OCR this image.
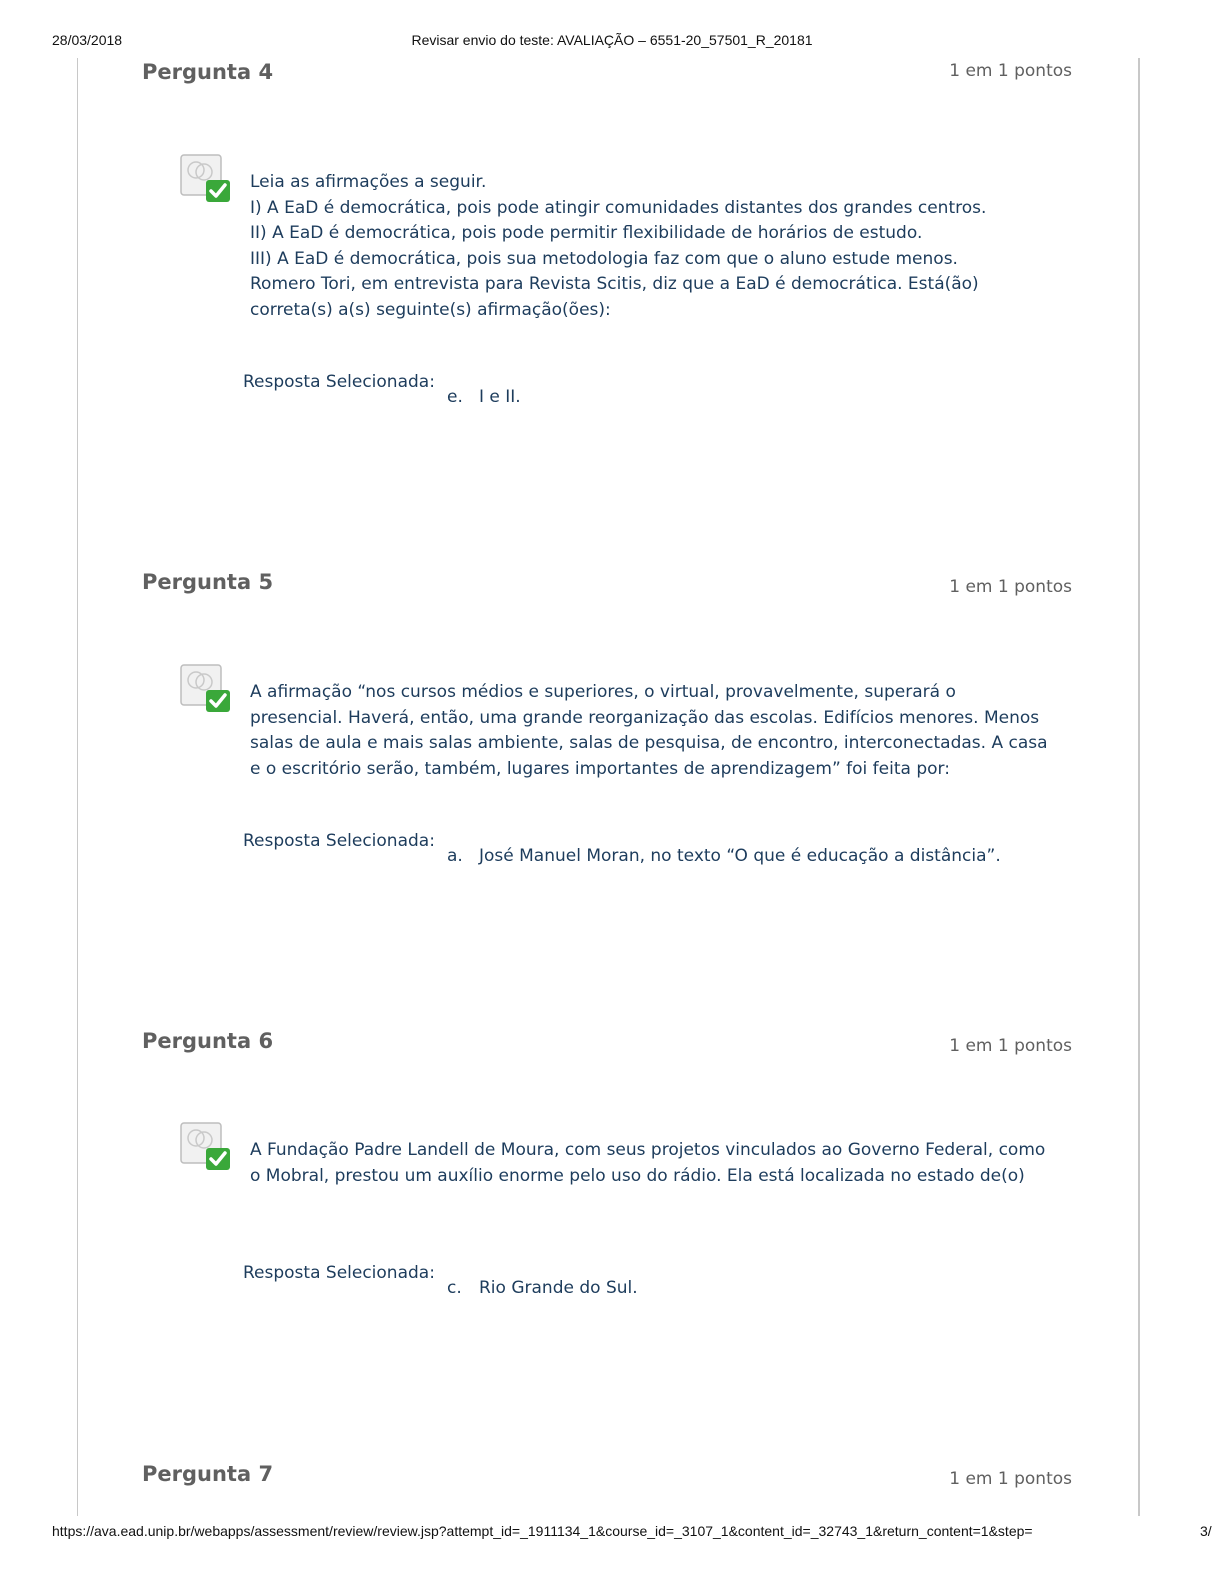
28/03/2018	Revisar envio do teste: AVALIAÇÃO – 6551-20_57501_R_20181
Pergunta 4	1 em 1 pontos

Leia as afirmações a seguir.

I) A EaD é democrática, pois pode atingir comunidades distantes dos grandes centros.

II) A EaD é democrática, pois pode permitir flexibilidade de horários de estudo.

III) A EaD é democrática, pois sua metodologia faz com que o aluno estude menos.

Romero Tori, em entrevista para Revista Scitis, diz que a EaD é democrática. Está(ão) correta(s) a(s) seguinte(s) afirmação(ões):

Resposta Selecionada:
e. I e II.
Pergunta 5	1 em 1 pontos

A afirmação “nos cursos médios e superiores, o virtual, provavelmente, superará o presencial. Haverá, então, uma grande reorganização das escolas. Edifícios menores. Menos salas de aula e mais salas ambiente, salas de pesquisa, de encontro, interconectadas. A casa e o escritório serão, também, lugares importantes de aprendizagem” foi feita por:

Resposta Selecionada:
a. José Manuel Moran, no texto “O que é educação a distância”.
Pergunta 6	1 em 1 pontos

A Fundação Padre Landell de Moura, com seus projetos vinculados ao Governo Federal, como o Mobral, prestou um auxílio enorme pelo uso do rádio. Ela está localizada no estado de(o)

Resposta Selecionada:
c. Rio Grande do Sul.
Pergunta 7	1 em 1 pontos
https://ava.ead.unip.br/webapps/assessment/review/review.jsp?attempt_id=_1911134_1&course_id=_3107_1&content_id=_32743_1&return_content=1&step=	3/
